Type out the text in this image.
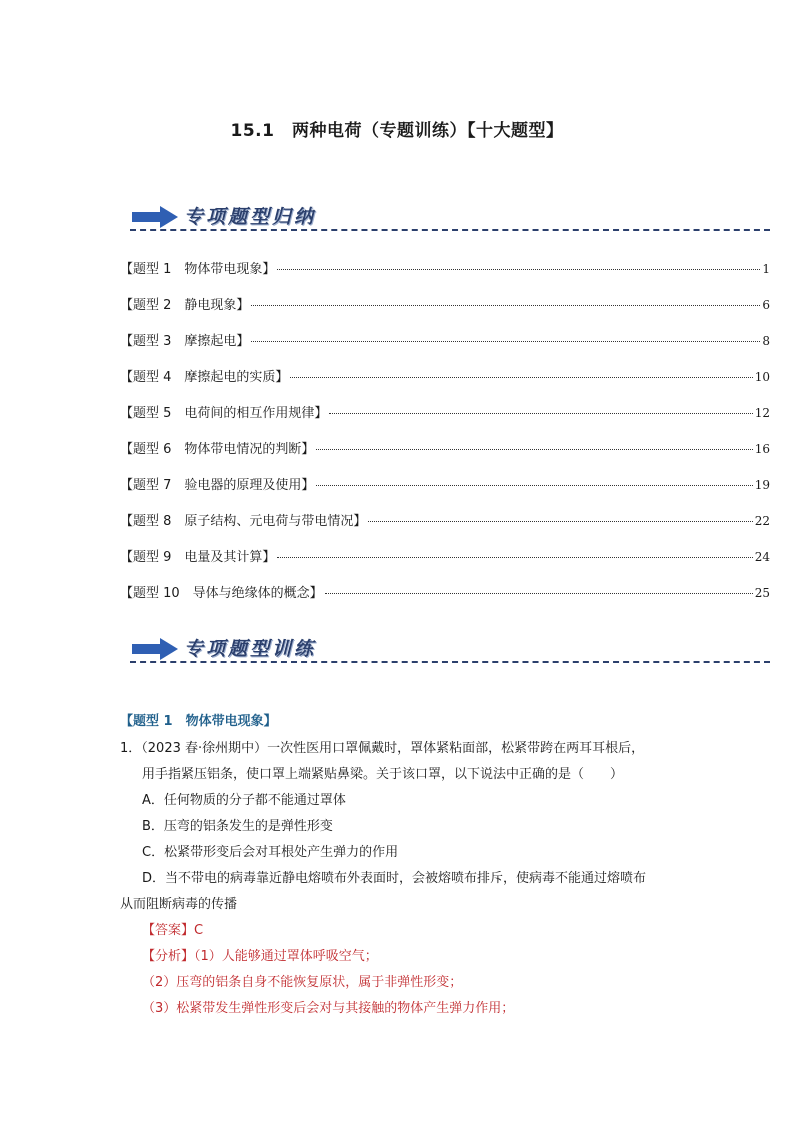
15.1　两种电荷（专题训练）【十大题型】
专项题型归纳
【题型 1　物体带电现象】	1
【题型 2　静电现象】	6
【题型 3　摩擦起电】	8
【题型 4　摩擦起电的实质】	10
【题型 5　电荷间的相互作用规律】	12
【题型 6　物体带电情况的判断】	16
【题型 7　验电器的原理及使用】	19
【题型 8　原子结构、元电荷与带电情况】	22
【题型 9　电量及其计算】	24
【题型 10　导体与绝缘体的概念】	25
专项题型训练
【题型 1　物体带电现象】
1．（2023 春·徐州期中）一次性医用口罩佩戴时，罩体紧粘面部，松紧带跨在两耳耳根后，
用手指紧压铝条，使口罩上端紧贴鼻梁。关于该口罩，以下说法中正确的是（　　）
A．任何物质的分子都不能通过罩体
B．压弯的铝条发生的是弹性形变
C．松紧带形变后会对耳根处产生弹力的作用
D．当不带电的病毒靠近静电熔喷布外表面时，会被熔喷布排斥，使病毒不能通过熔喷布
从而阻断病毒的传播
【答案】C
【分析】（1）人能够通过罩体呼吸空气；
（2）压弯的铝条自身不能恢复原状，属于非弹性形变；
（3）松紧带发生弹性形变后会对与其接触的物体产生弹力作用；
